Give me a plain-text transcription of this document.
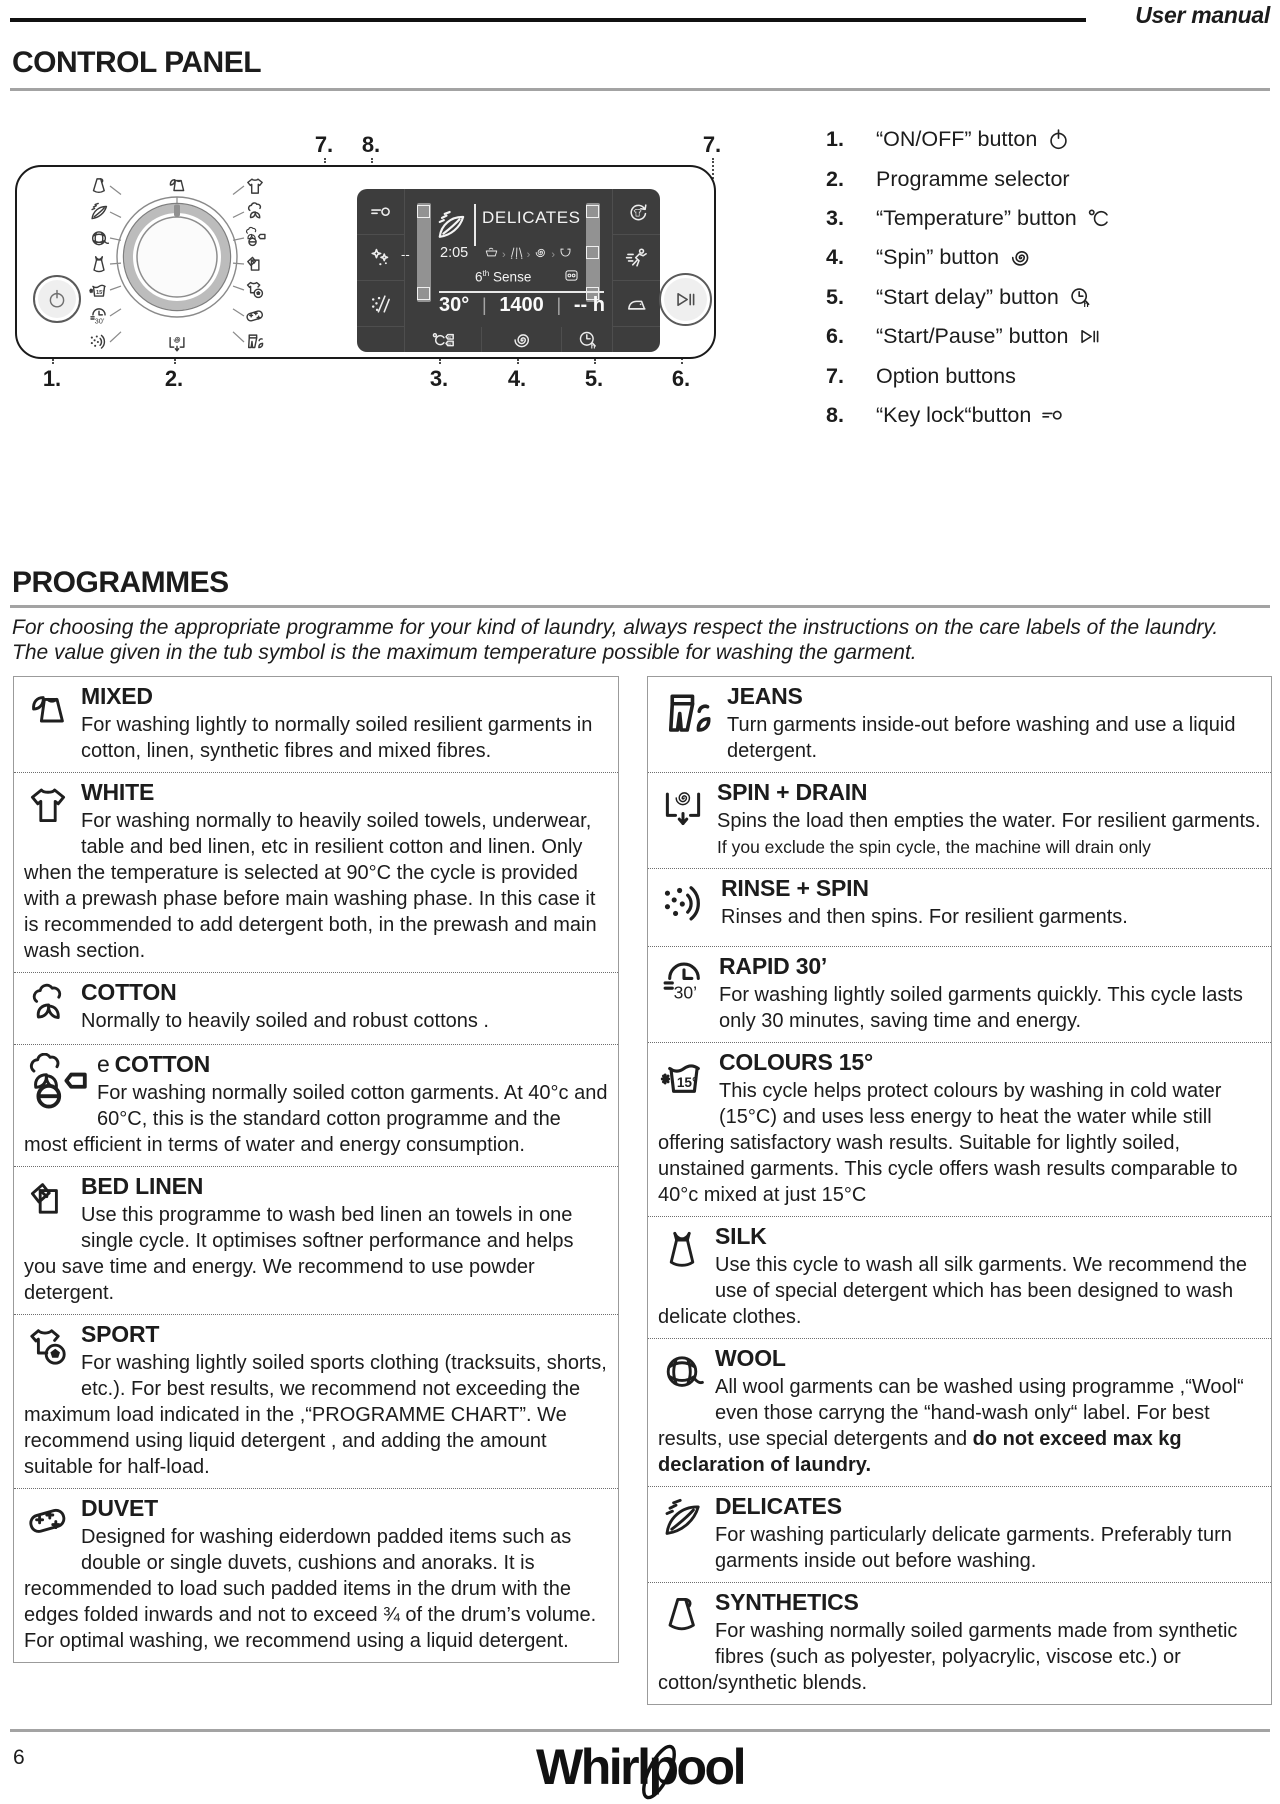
User manual
CONTROL PANEL
7. 8.	7.
1.	2.	3.	4.	5.	6.
15°
30’
40°
60°	h
--
DELICATES
2:05	› › ›
6th Sense
30° | 1400 | -- h
1.	“ON/OFF” button
2.	Programme selector
3.	“Temperature” button
4.	“Spin” button
5.	“Start delay” button h
6.	“Start/Pause” button
7.	Option buttons
8.	“Key lock“button
PROGRAMMES
For choosing the appropriate programme for your kind of laundry, always respect the instructions on the care labels of the laundry.
The value given in the tub symbol is the maximum temperature possible for washing the garment.
MIXED

For washing lightly to normally soiled resilient garments in cotton, linen, synthetic fibres and mixed fibres.

WHITE

For washing normally to heavily soiled towels, underwear, table and bed linen, etc in resilient cotton and linen. Only when the temperature is selected at 90°C the cycle is provided with a prewash phase before main washing phase. In this case it is recommended to add detergent both, in the prewash and main wash section.

COTTON

Normally to heavily soiled and robust cottons .

e COTTON

For washing normally soiled cotton garments. At 40°c and 60°C, this is the standard cotton programme and the most efficient in terms of water and energy consumption.

BED LINEN

Use this programme to wash bed linen an towels in one single cycle. It optimises softner performance and helps you save time and energy. We recommend to use powder detergent.

SPORT

For washing lightly soiled sports clothing (tracksuits, shorts, etc.). For best results, we recommend not exceeding the maximum load indicated in the ,“PROGRAMME CHART”. We recommend using liquid detergent , and adding the amount suitable for half-load.

DUVET

Designed for washing eiderdown padded items such as double or single duvets, cushions and anoraks. It is recommended to load such padded items in the drum with the edges folded inwards and not to exceed ¾ of the drum’s volume. For optimal washing, we recommend using a liquid detergent.

JEANS

Turn garments inside-out before washing and use a liquid detergent.

SPIN + DRAIN

Spins the load then empties the water. For resilient garments. If you exclude the spin cycle, the machine will drain only

RINSE + SPIN

Rinses and then spins. For resilient garments.

30’
RAPID 30’

For washing lightly soiled garments quickly. This cycle lasts only 30 minutes, saving time and energy.

15°
COLOURS 15°

This cycle helps protect colours by washing in cold water (15°C) and uses less energy to heat the water while still offering satisfactory wash results. Suitable for lightly soiled, unstained garments. This cycle offers wash results comparable to 40°c mixed at just 15°C

SILK

Use this cycle to wash all silk garments. We recommend the use of special detergent which has been designed to wash delicate clothes.

WOOL

All wool garments can be washed using programme ,“Wool“ even those carryng the “hand-wash only“ label. For best results, use special detergents and do not exceed max kg declaration of laundry.

DELICATES

For washing particularly delicate garments. Preferably turn garments inside out before washing.

SYNTHETICS

For washing normally soiled garments made from synthetic fibres (such as polyester, polyacrylic, viscose etc.) or cotton/synthetic blends.

6	Whirlpool
